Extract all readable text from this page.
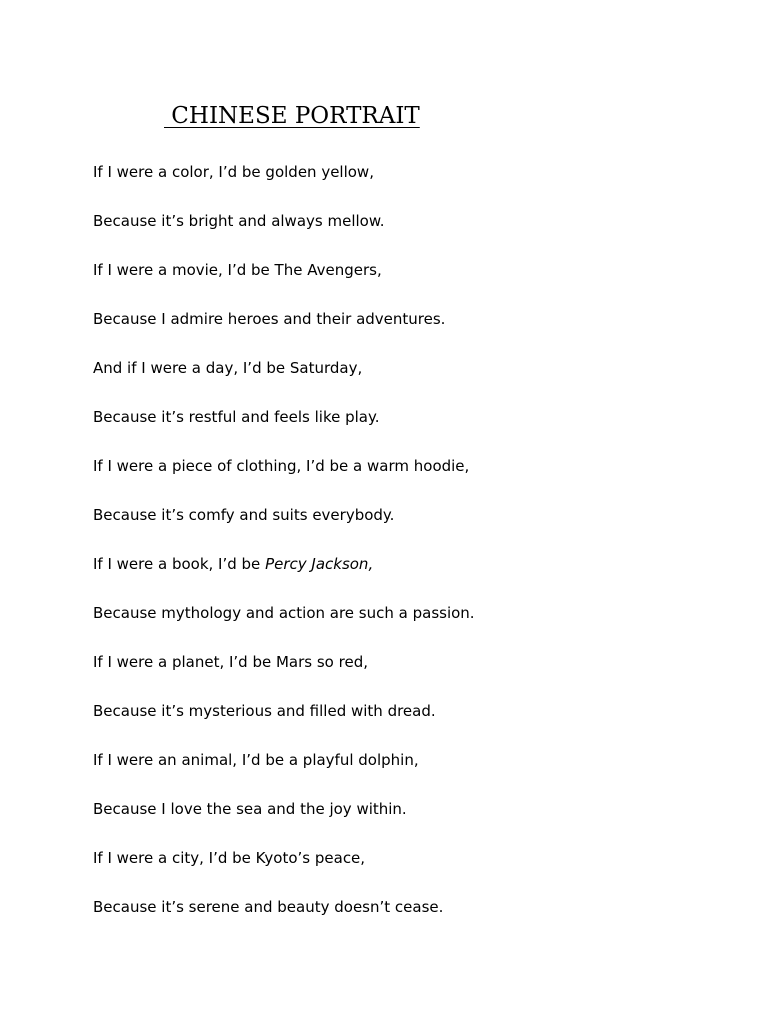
CHINESE PORTRAIT
If I were a color, I’d be golden yellow,
Because it’s bright and always mellow.
If I were a movie, I’d be The Avengers,
Because I admire heroes and their adventures.
And if I were a day, I’d be Saturday,
Because it’s restful and feels like play.
If I were a piece of clothing, I’d be a warm hoodie,
Because it’s comfy and suits everybody.
If I were a book, I’d be Percy Jackson,
Because mythology and action are such a passion.
If I were a planet, I’d be Mars so red,
Because it’s mysterious and filled with dread.
If I were an animal, I’d be a playful dolphin,
Because I love the sea and the joy within.
If I were a city, I’d be Kyoto’s peace,
Because it’s serene and beauty doesn’t cease.
